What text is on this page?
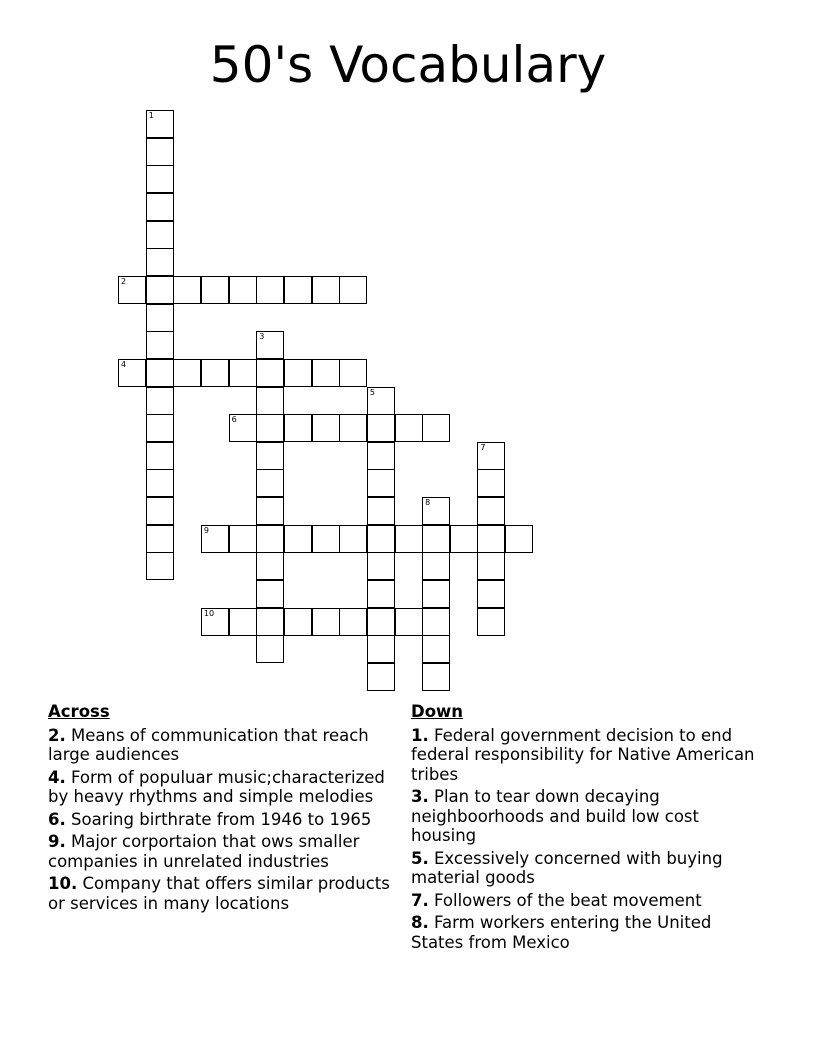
50's Vocabulary
1
2
3
4
5
6
7
8
9
10
Across
2. Means of communication that reach large audiences
4. Form of populuar music;characterized by heavy rhythms and simple melodies
6. Soaring birthrate from 1946 to 1965
9. Major corportaion that ows smaller companies in unrelated industries
10. Company that offers similar products or services in many locations
Down
1. Federal government decision to end federal responsibility for Native American tribes
3. Plan to tear down decaying neighboorhoods and build low cost housing
5. Excessively concerned with buying material goods
7. Followers of the beat movement
8. Farm workers entering the United States from Mexico
